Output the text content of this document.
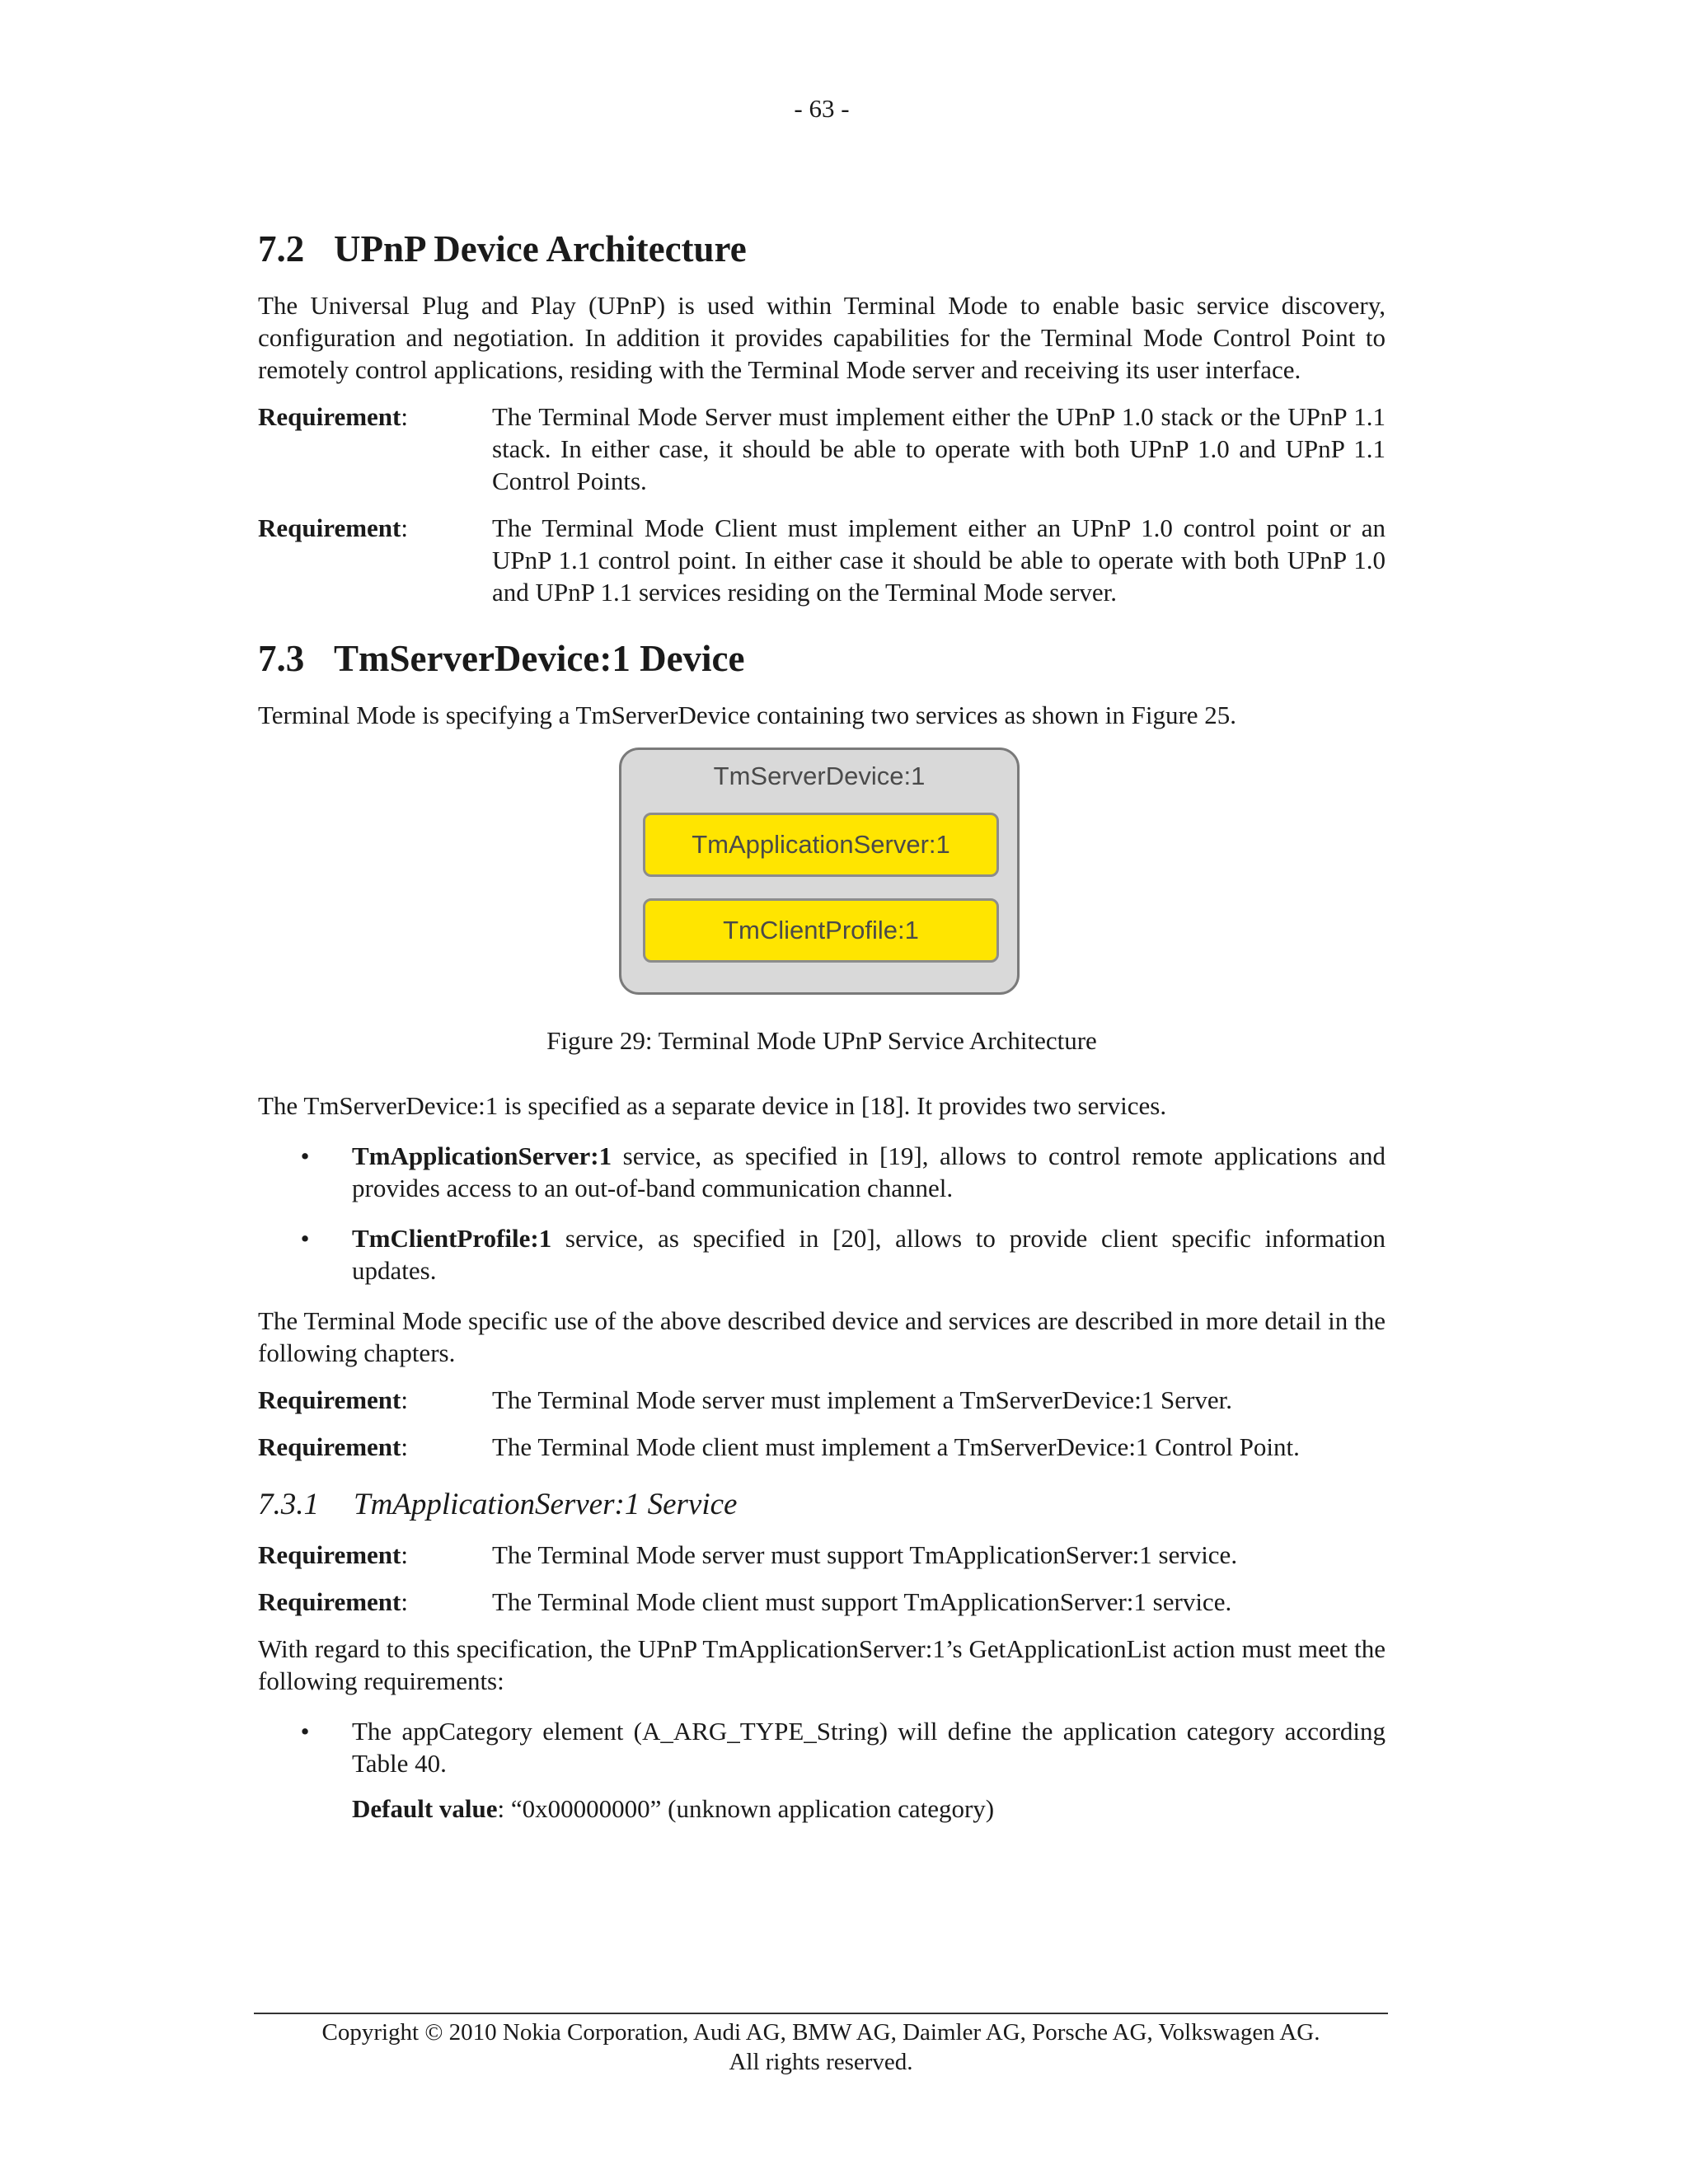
- 63 -
7.2 UPnP Device Architecture

The Universal Plug and Play (UPnP) is used within Terminal Mode to enable basic service discovery, configuration and negotiation. In addition it provides capabilities for the Terminal Mode Control Point to remotely control applications, residing with the Terminal Mode server and receiving its user interface.

Requirement:	The Terminal Mode Server must implement either the UPnP 1.0 stack or the UPnP 1.1 stack. In either case, it should be able to operate with both UPnP 1.0 and UPnP 1.1 Control Points.
Requirement:	The Terminal Mode Client must implement either an UPnP 1.0 control point or an UPnP 1.1 control point. In either case it should be able to operate with both UPnP 1.0 and UPnP 1.1 services residing on the Terminal Mode server.
7.3 TmServerDevice:1 Device

Terminal Mode is specifying a TmServerDevice containing two services as shown in Figure 25.

TmServerDevice:1
TmApplicationServer:1
TmClientProfile:1
Figure 29: Terminal Mode UPnP Service Architecture

The TmServerDevice:1 is specified as a separate device in [18]. It provides two services.

•	TmApplicationServer:1 service, as specified in [19], allows to control remote applications and provides access to an out-of-band communication channel.
•	TmClientProfile:1 service, as specified in [20], allows to provide client specific information updates.

The Terminal Mode specific use of the above described device and services are described in more detail in the following chapters.

Requirement:	The Terminal Mode server must implement a TmServerDevice:1 Server.
Requirement:	The Terminal Mode client must implement a TmServerDevice:1 Control Point.
7.3.1 TmApplicationServer:1 Service
Requirement:	The Terminal Mode server must support TmApplicationServer:1 service.
Requirement:	The Terminal Mode client must support TmApplicationServer:1 service.

With regard to this specification, the UPnP TmApplicationServer:1’s GetApplicationList action must meet the following requirements:

•	The appCategory element (A_ARG_TYPE_String) will define the application category according Table 40.
Default value: “0x00000000” (unknown application category)
Copyright © 2010 Nokia Corporation, Audi AG, BMW AG, Daimler AG, Porsche AG, Volkswagen AG.
All rights reserved.
